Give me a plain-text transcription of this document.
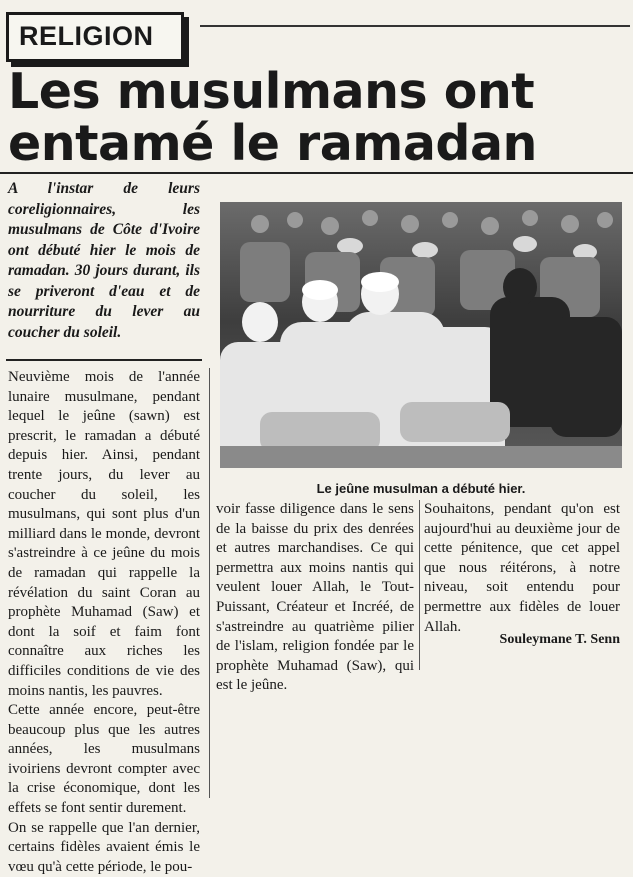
RELIGION
Les musulmans ont
entamé le ramadan
A l'instar de leurs coreligionnaires, les musulmans de Côte d'Ivoire ont débuté hier le mois de ramadan. 30 jours durant, ils se priveront d'eau et de nourriture du lever au coucher du soleil.
Le jeûne musulman a débuté hier.

Neuvième mois de l'année lunaire musulmane, pendant lequel le jeûne (sawn) est prescrit, le ramadan a débuté depuis hier. Ainsi, pendant trente jours, du lever au coucher du soleil, les musulmans, qui sont plus d'un milliard dans le monde, devront s'astreindre à ce jeûne du mois de ramadan qui rappelle la révélation du saint Coran au prophète Muhamad (Saw) et dont la soif et faim font connaître aux riches les difficiles conditions de vie des moins nantis, les pauvres.

Cette année encore, peut-être beaucoup plus que les autres années, les musulmans ivoiriens devront compter avec la crise économique, dont les effets se font sentir durement.

On se rappelle que l'an dernier, certains fidèles avaient émis le vœu qu'à cette période, le pou-

voir fasse diligence dans le sens de la baisse du prix des denrées et autres marchandises. Ce qui permettra aux moins nantis qui veulent louer Allah, le Tout-Puissant, Créateur et Incréé, de s'astreindre au quatrième pilier de l'islam, religion fondée par le prophète Muhamad (Saw), qui est le jeûne.

Souhaitons, pendant qu'on est aujourd'hui au deuxième jour de cette pénitence, que cet appel que nous réitérons, à notre niveau, soit entendu pour permettre aux fidèles de louer Allah.

Souleymane T. Senn
